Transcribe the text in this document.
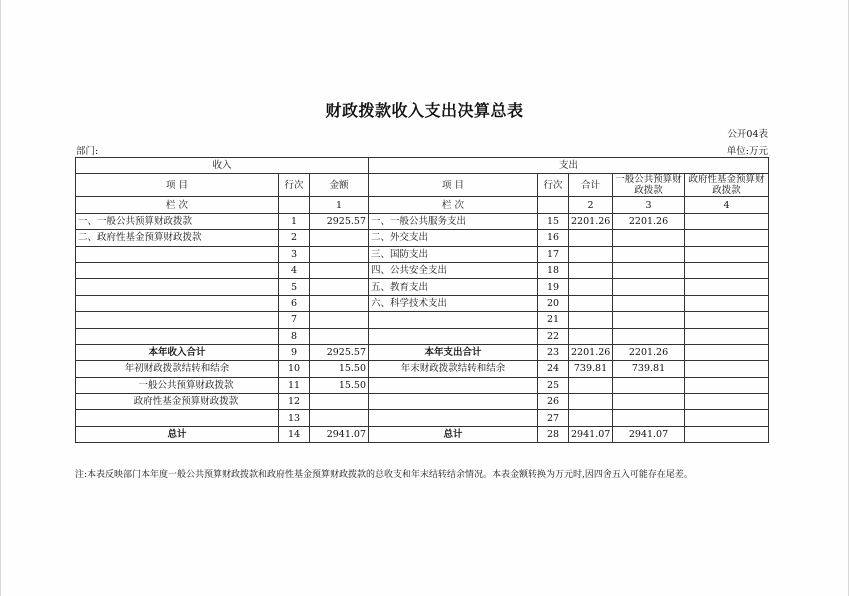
财政拨款收入支出决算总表
公开04表
部门:	单位:万元
收入			支出				
项 目	行次	金额	项 目	行次	合计	一般公共预算财政拨款	政府性基金预算财政拨款
栏 次		1	栏 次		2	3	4
一、一般公共预算财政拨款	1	2925.57	一、一般公共服务支出	15	2201.26	2201.26	
二、政府性基金预算财政拨款	2		二、外交支出	16			
	3		三、国防支出	17			
	4		四、公共安全支出	18			
	5		五、教育支出	19			
	6		六、科学技术支出	20			
	7			21			
	8			22			
本年收入合计	9	2925.57	本年支出合计	23	2201.26	2201.26	
年初财政拨款结转和结余	10	15.50	年末财政拨款结转和结余	24	739.81	739.81	
一般公共预算财政拨款	11	15.50		25			
政府性基金预算财政拨款	12			26			
	13			27			
总计	14	2941.07	总计	28	2941.07	2941.07	
注:本表反映部门本年度一般公共预算财政拨款和政府性基金预算财政拨款的总收支和年末结转结余情况。本表金额转换为万元时,因四舍五入可能存在尾差。
